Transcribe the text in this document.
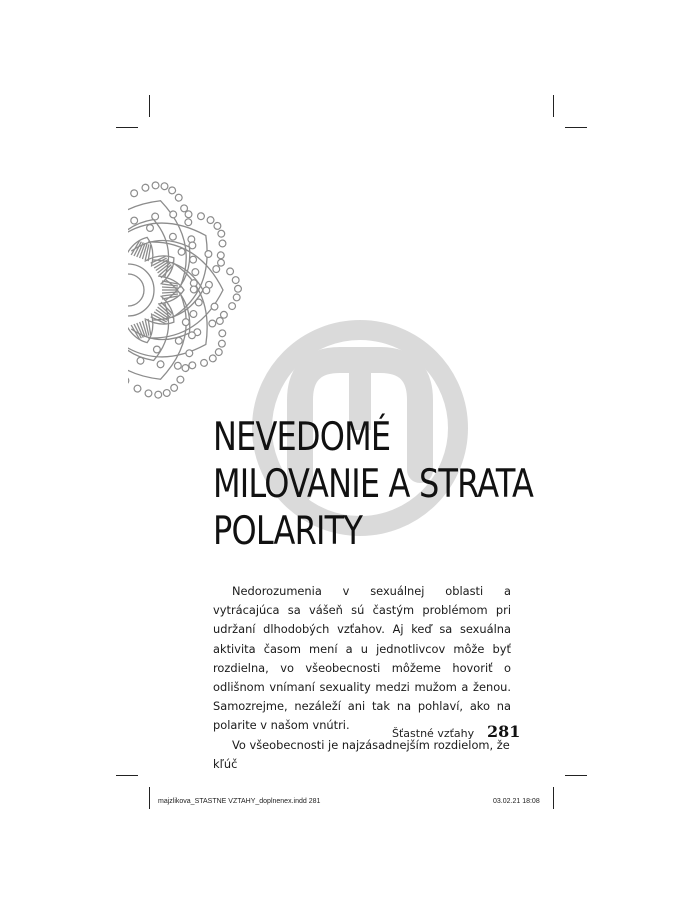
NEVEDOMÉ
MILOVANIE A STRATA
POLARITY

Nedorozumenia v sexuálnej oblasti a vytrácajúca sa vášeň sú častým problémom pri udržaní dlhodobých vzťahov. Aj keď sa sexuálna aktivita časom mení a u jednotlivcov môže byť rozdielna, vo všeobecnosti môžeme hovoriť o odlišnom vnímaní sexuality medzi mužom a ženou. Samozrejme, nezáleží ani tak na pohlaví, ako na polarite v našom vnútri.

Vo všeobecnosti je najzásadnejším rozdielom, že kľúč

Šťastné vzťahy 281
majzlikova_STASTNE VZTAHY_doplnenex.indd 281	03.02.21 18:08
